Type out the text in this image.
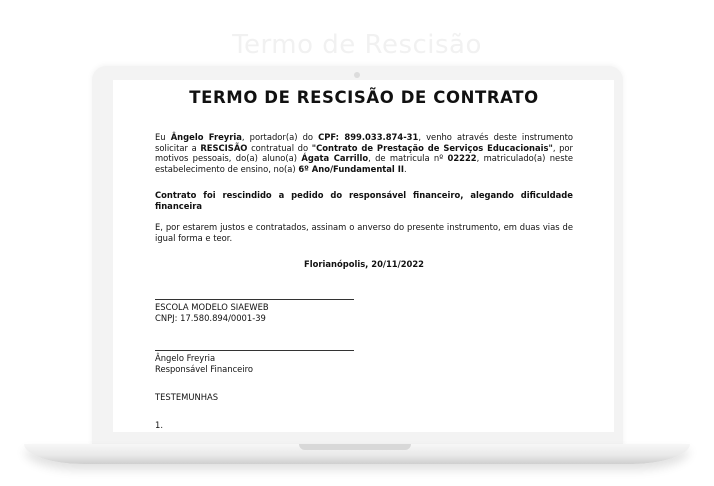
Termo de Rescisão
TERMO DE RESCISÃO DE CONTRATO
Eu Ângelo Freyria, portador(a) do CPF: 899.033.874-31, venho através deste instrumento solicitar a RESCISÃO contratual do "Contrato de Prestação de Serviços Educacionais", por motivos pessoais, do(a) aluno(a) Ágata Carrillo, de matricula nº 02222, matriculado(a) neste estabelecimento de ensino, no(a) 6º Ano/Fundamental II.
Contrato foi rescindido a pedido do responsável financeiro, alegando dificuldade financeira
E, por estarem justos e contratados, assinam o anverso do presente instrumento, em duas vias de igual forma e teor.
Florianópolis, 20/11/2022
ESCOLA MODELO SIAEWEB
CNPJ: 17.580.894/0001-39
Ângelo Freyria
Responsável Financeiro
TESTEMUNHAS
1.
